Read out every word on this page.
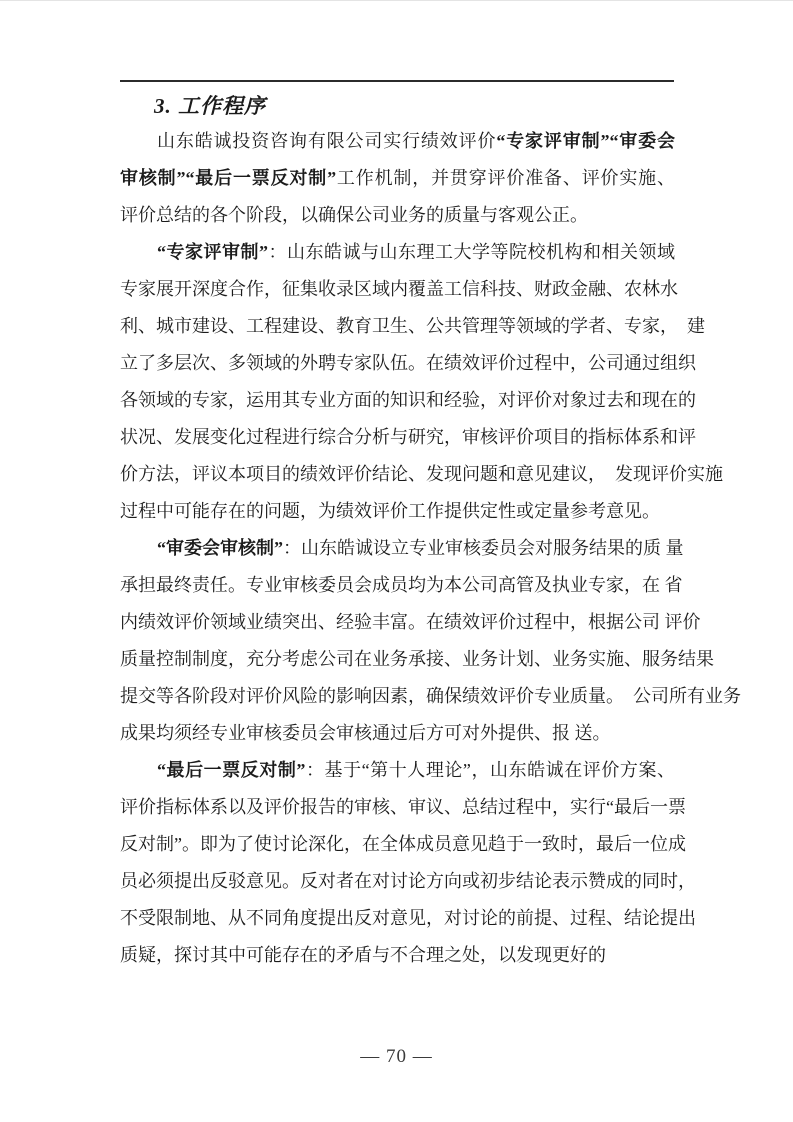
3. 工作程序
山东皓诚投资咨询有限公司实行绩效评价“专家评审制”“审委会
审核制”“最后一票反对制”工作机制，并贯穿评价准备、评价实施、
评价总结的各个阶段，以确保公司业务的质量与客观公正。
“专家评审制”：山东皓诚与山东理工大学等院校机构和相关领域
专家展开深度合作，征集收录区域内覆盖工信科技、财政金融、农林水
利、城市建设、工程建设、教育卫生、公共管理等领域的学者、专家，　建
立了多层次、多领域的外聘专家队伍。在绩效评价过程中，公司通过组织
各领域的专家，运用其专业方面的知识和经验，对评价对象过去和现在的
状况、发展变化过程进行综合分析与研究，审核评价项目的指标体系和评
价方法，评议本项目的绩效评价结论、发现问题和意见建议，　发现评价实施
过程中可能存在的问题，为绩效评价工作提供定性或定量参考意见。
“审委会审核制”：山东皓诚设立专业审核委员会对服务结果的质 量
承担最终责任。专业审核委员会成员均为本公司高管及执业专家，在 省
内绩效评价领域业绩突出、经验丰富。在绩效评价过程中，根据公司 评价
质量控制制度，充分考虑公司在业务承接、业务计划、业务实施、服务结果
提交等各阶段对评价风险的影响因素，确保绩效评价专业质量。　公司所有业务
成果均须经专业审核委员会审核通过后方可对外提供、报 送。
“最后一票反对制”：基于“第十人理论”，山东皓诚在评价方案、
评价指标体系以及评价报告的审核、审议、总结过程中，实行“最后一票
反对制”。即为了使讨论深化，在全体成员意见趋于一致时，最后一位成
员必须提出反驳意见。反对者在对讨论方向或初步结论表示赞成的同时，
不受限制地、从不同角度提出反对意见，对讨论的前提、过程、结论提出
质疑，探讨其中可能存在的矛盾与不合理之处，以发现更好的
— 70 —
